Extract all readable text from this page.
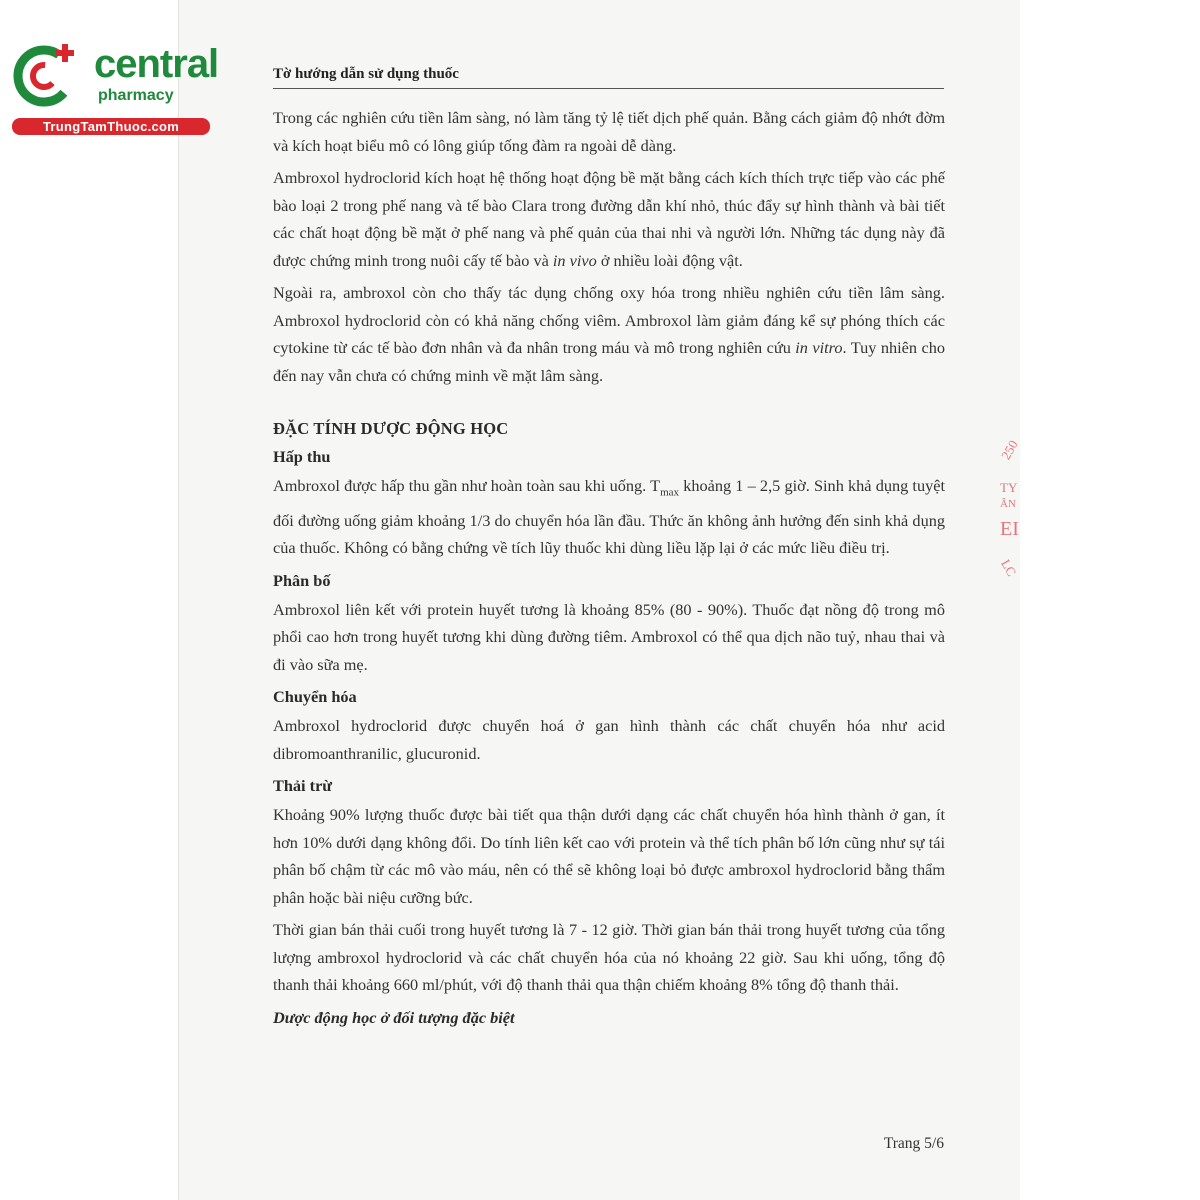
central
pharmacy
TrungTamThuoc.com
Tờ hướng dẫn sử dụng thuốc

Trong các nghiên cứu tiền lâm sàng, nó làm tăng tỷ lệ tiết dịch phế quản. Bằng cách giảm độ nhớt đờm và kích hoạt biểu mô có lông giúp tống đàm ra ngoài dễ dàng.

Ambroxol hydroclorid kích hoạt hệ thống hoạt động bề mặt bằng cách kích thích trực tiếp vào các phế bào loại 2 trong phế nang và tế bào Clara trong đường dẫn khí nhỏ, thúc đẩy sự hình thành và bài tiết các chất hoạt động bề mặt ở phế nang và phế quản của thai nhi và người lớn. Những tác dụng này đã được chứng minh trong nuôi cấy tế bào và in vivo ở nhiều loài động vật.

Ngoài ra, ambroxol còn cho thấy tác dụng chống oxy hóa trong nhiều nghiên cứu tiền lâm sàng. Ambroxol hydroclorid còn có khả năng chống viêm. Ambroxol làm giảm đáng kể sự phóng thích các cytokine từ các tế bào đơn nhân và đa nhân trong máu và mô trong nghiên cứu in vitro. Tuy nhiên cho đến nay vẫn chưa có chứng minh về mặt lâm sàng.

ĐẶC TÍNH DƯỢC ĐỘNG HỌC
Hấp thu

Ambroxol được hấp thu gần như hoàn toàn sau khi uống. $T_{max}$ khoảng 1 – 2,5 giờ. Sinh khả dụng tuyệt đối đường uống giảm khoảng 1/3 do chuyển hóa lần đầu. Thức ăn không ảnh hưởng đến sinh khả dụng của thuốc. Không có bằng chứng về tích lũy thuốc khi dùng liều lặp lại ở các mức liều điều trị.

Phân bố

Ambroxol liên kết với protein huyết tương là khoảng 85% (80 - 90%). Thuốc đạt nồng độ trong mô phổi cao hơn trong huyết tương khi dùng đường tiêm. Ambroxol có thể qua dịch não tuỷ, nhau thai và đi vào sữa mẹ.

Chuyển hóa

Ambroxol hydroclorid được chuyển hoá ở gan hình thành các chất chuyển hóa như acid dibromoanthranilic, glucuronid.

Thải trừ

Khoảng 90% lượng thuốc được bài tiết qua thận dưới dạng các chất chuyển hóa hình thành ở gan, ít hơn 10% dưới dạng không đổi. Do tính liên kết cao với protein và thể tích phân bố lớn cũng như sự tái phân bố chậm từ các mô vào máu, nên có thể sẽ không loại bỏ được ambroxol hydroclorid bằng thẩm phân hoặc bài niệu cưỡng bức.

Thời gian bán thải cuối trong huyết tương là 7 - 12 giờ. Thời gian bán thải trong huyết tương của tổng lượng ambroxol hydroclorid và các chất chuyển hóa của nó khoảng 22 giờ. Sau khi uống, tổng độ thanh thải khoảng 660 ml/phút, với độ thanh thải qua thận chiếm khoảng 8% tổng độ thanh thải.

Dược động học ở đối tượng đặc biệt
Trang 5/6
250
TY
ÂN
EI
LC
